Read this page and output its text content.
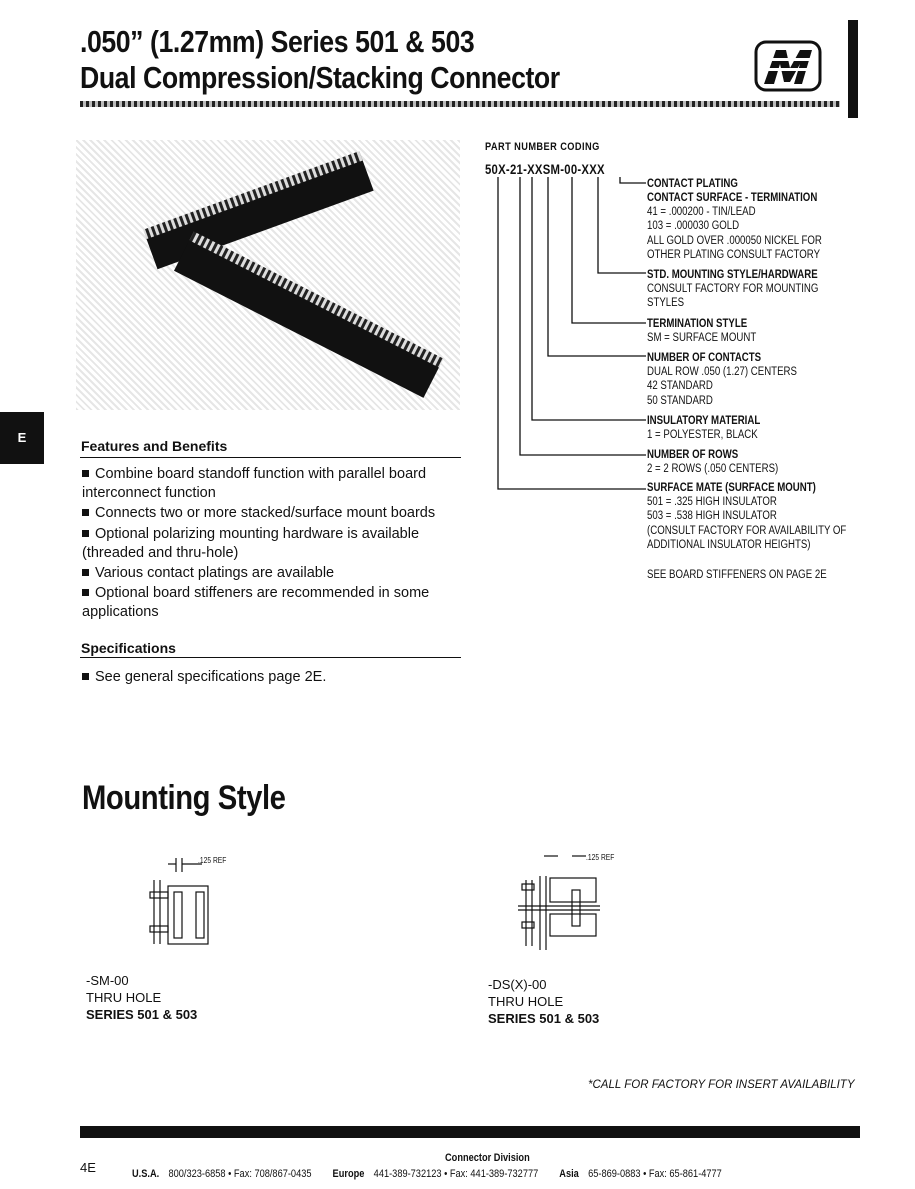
.050” (1.27mm) Series 501 & 503
Dual Compression/Stacking Connector
E
PART NUMBER CODING
50X-21-XXSM-00-XXX
CONTACT PLATING
CONTACT SURFACE - TERMINATION
41 = .000200 - TIN/LEAD
103 = .000030 GOLD
ALL GOLD OVER .000050 NICKEL FOR
OTHER PLATING CONSULT FACTORY
STD. MOUNTING STYLE/HARDWARE
CONSULT FACTORY FOR MOUNTING
STYLES
TERMINATION STYLE
SM = SURFACE MOUNT
NUMBER OF CONTACTS
DUAL ROW .050 (1.27) CENTERS
42 STANDARD
50 STANDARD
INSULATORY MATERIAL
1 = POLYESTER, BLACK
NUMBER OF ROWS
2 = 2 ROWS (.050 CENTERS)
SURFACE MATE (SURFACE MOUNT)
501 = .325 HIGH INSULATOR
503 = .538 HIGH INSULATOR
(CONSULT FACTORY FOR AVAILABILITY OF
ADDITIONAL INSULATOR HEIGHTS)
SEE BOARD STIFFENERS ON PAGE 2E
Features and Benefits
Combine board standoff function with parallel board interconnect function
Connects two or more stacked/surface mount boards
Optional polarizing mounting hardware is available (threaded and thru-hole)
Various contact platings are available
Optional board stiffeners are recommended in some applications
Specifications
See general specifications page 2E.
Mounting Style
.125 REF
-SM-00
THRU HOLE
SERIES 501 & 503
.125 REF
-DS(X)-00
THRU HOLE
SERIES 501 & 503
*CALL FOR FACTORY FOR INSERT AVAILABILITY
Connector Division
4E	U.S.A. 800/323-6858 • Fax: 708/867-0435 Europe 441-389-732123 • Fax: 441-389-732777 Asia 65-869-0883 • Fax: 65-861-4777
